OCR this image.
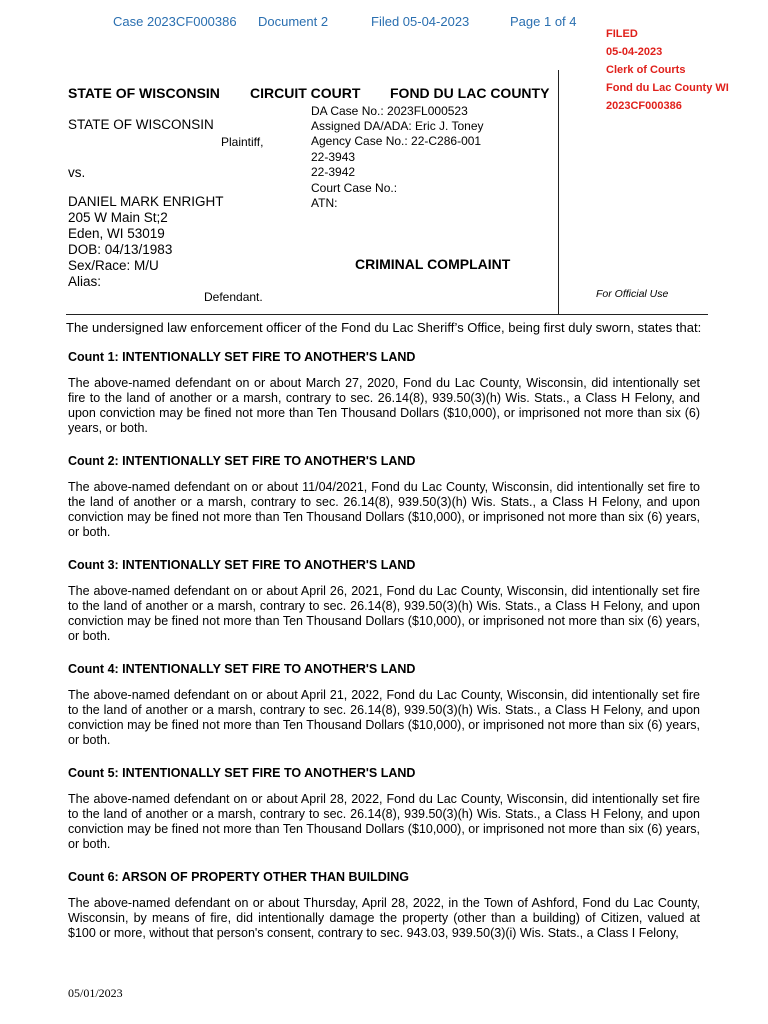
Case 2023CF000386 Document 2	Filed 05-04-2023	Page 1 of 4
FILED
05-04-2023
Clerk of Courts
Fond du Lac County WI
2023CF000386
STATE OF WISCONSIN CIRCUIT COURT FOND DU LAC COUNTY
STATE OF WISCONSIN
Plaintiff,
vs.
DANIEL MARK ENRIGHT
205 W Main St;2
Eden, WI 53019
DOB: 04/13/1983
Sex/Race: M/U
Alias:
Defendant.
DA Case No.: 2023FL000523
Assigned DA/ADA: Eric J. Toney
Agency Case No.: 22-C286-001
22-3943
22-3942
Court Case No.:
ATN:
CRIMINAL COMPLAINT
For Official Use
The undersigned law enforcement officer of the Fond du Lac Sheriff’s Office, being first duly sworn, states that:
Count 1: INTENTIONALLY SET FIRE TO ANOTHER'S LAND

The above-named defendant on or about March 27, 2020, Fond du Lac County, Wisconsin, did intentionally set fire to the land of another or a marsh, contrary to sec. 26.14(8), 939.50(3)(h) Wis. Stats., a Class H Felony, and upon conviction may be fined not more than Ten Thousand Dollars ($10,000), or imprisoned not more than six (6) years, or both.

Count 2: INTENTIONALLY SET FIRE TO ANOTHER'S LAND

The above-named defendant on or about 11/04/2021, Fond du Lac County, Wisconsin, did intentionally set fire to the land of another or a marsh, contrary to sec. 26.14(8), 939.50(3)(h) Wis. Stats., a Class H Felony, and upon conviction may be fined not more than Ten Thousand Dollars ($10,000), or imprisoned not more than six (6) years, or both.

Count 3: INTENTIONALLY SET FIRE TO ANOTHER'S LAND

The above-named defendant on or about April 26, 2021, Fond du Lac County, Wisconsin, did intentionally set fire to the land of another or a marsh, contrary to sec. 26.14(8), 939.50(3)(h) Wis. Stats., a Class H Felony, and upon conviction may be fined not more than Ten Thousand Dollars ($10,000), or imprisoned not more than six (6) years, or both.

Count 4: INTENTIONALLY SET FIRE TO ANOTHER'S LAND

The above-named defendant on or about April 21, 2022, Fond du Lac County, Wisconsin, did intentionally set fire to the land of another or a marsh, contrary to sec. 26.14(8), 939.50(3)(h) Wis. Stats., a Class H Felony, and upon conviction may be fined not more than Ten Thousand Dollars ($10,000), or imprisoned not more than six (6) years, or both.

Count 5: INTENTIONALLY SET FIRE TO ANOTHER'S LAND

The above-named defendant on or about April 28, 2022, Fond du Lac County, Wisconsin, did intentionally set fire to the land of another or a marsh, contrary to sec. 26.14(8), 939.50(3)(h) Wis. Stats., a Class H Felony, and upon conviction may be fined not more than Ten Thousand Dollars ($10,000), or imprisoned not more than six (6) years, or both.

Count 6: ARSON OF PROPERTY OTHER THAN BUILDING

The above-named defendant on or about Thursday, April 28, 2022, in the Town of Ashford, Fond du Lac County, Wisconsin, by means of fire, did intentionally damage the property (other than a building) of Citizen, valued at $100 or more, without that person's consent, contrary to sec. 943.03, 939.50(3)(i) Wis. Stats., a Class I Felony,

05/01/2023
